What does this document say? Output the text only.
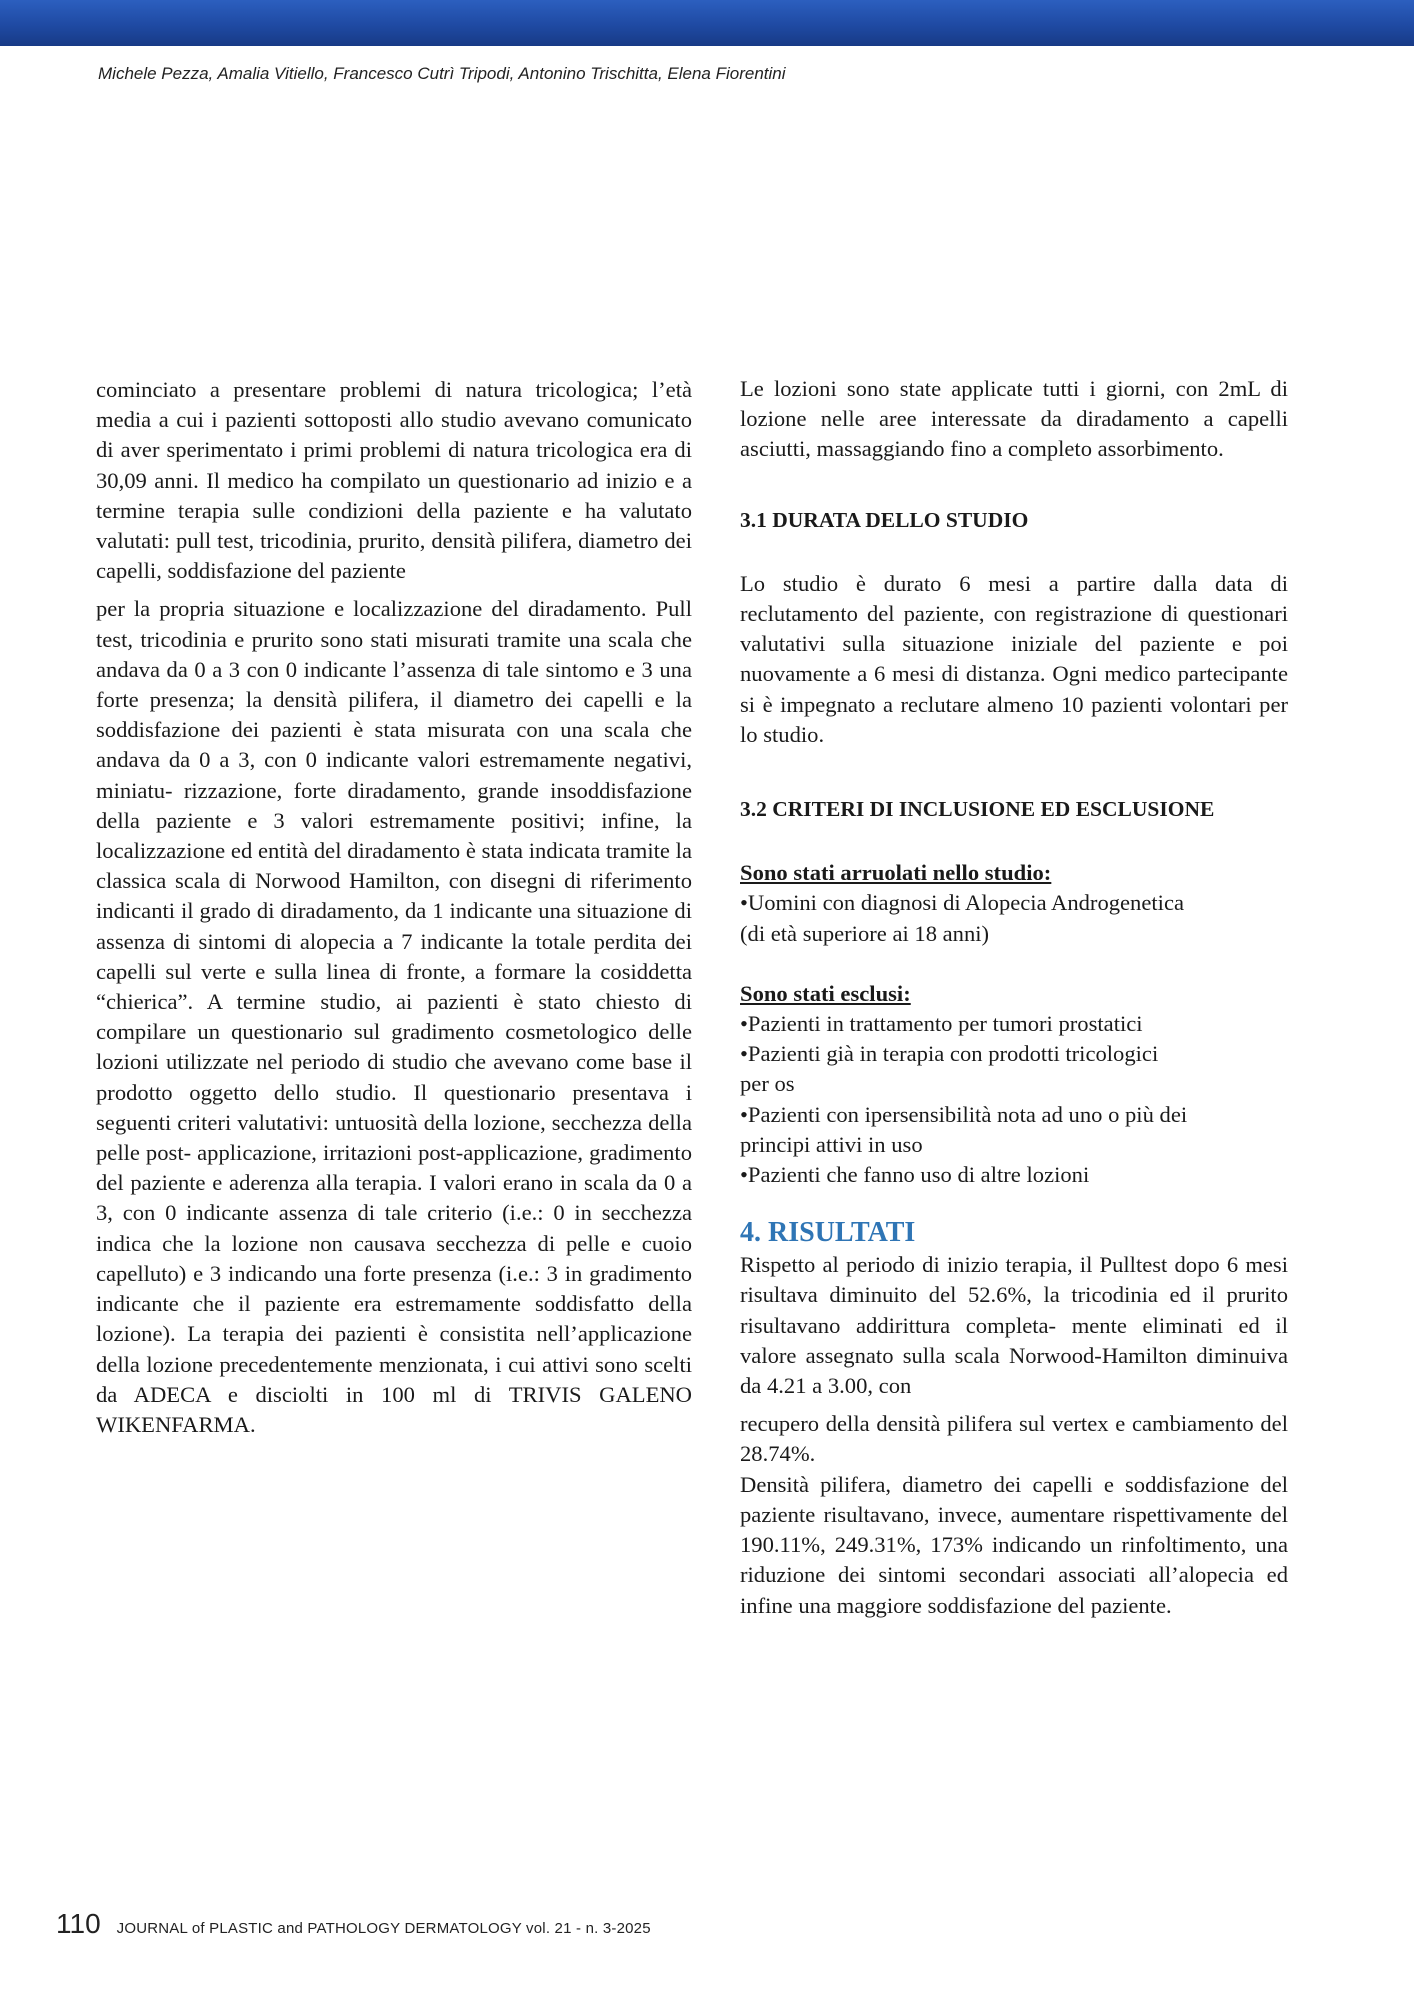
Michele Pezza, Amalia Vitiello, Francesco Cutrì Tripodi, Antonino Trischitta, Elena Fiorentini

cominciato a presentare problemi di natura tricologica; l’età media a cui i pazienti sottoposti allo studio avevano comunicato di aver sperimentato i primi problemi di natura tricologica era di 30,09 anni. Il medico ha compilato un questionario ad inizio e a termine terapia sulle condizioni della paziente e ha valutato valutati: pull test, tricodinia, prurito, densità pilifera, diametro dei capelli, soddisfazione del paziente

per la propria situazione e localizzazione del diradamento. Pull test, tricodinia e prurito sono stati misurati tramite una scala che andava da 0 a 3 con 0 indicante l’assenza di tale sintomo e 3 una forte presenza; la densità pilifera, il diametro dei capelli e la soddisfazione dei pazienti è stata misurata con una scala che andava da 0 a 3, con 0 indicante valori estremamente negativi, miniatu- rizzazione, forte diradamento, grande insoddisfazione della paziente e 3 valori estremamente positivi; infine, la localizzazione ed entità del diradamento è stata indicata tramite la classica scala di Norwood Hamilton, con disegni di riferimento indicanti il grado di diradamento, da 1 indicante una situazione di assenza di sintomi di alopecia a 7 indicante la totale perdita dei capelli sul verte e sulla linea di fronte, a formare la cosiddetta “chierica”. A termine studio, ai pazienti è stato chiesto di compilare un questionario sul gradimento cosmetologico delle lozioni utilizzate nel periodo di studio che avevano come base il prodotto oggetto dello studio. Il questionario presentava i seguenti criteri valutativi: untuosità della lozione, secchezza della pelle post- applicazione, irritazioni post-applicazione, gradimento del paziente e aderenza alla terapia. I valori erano in scala da 0 a 3, con 0 indicante assenza di tale criterio (i.e.: 0 in secchezza indica che la lozione non causava secchezza di pelle e cuoio capelluto) e 3 indicando una forte presenza (i.e.: 3 in gradimento indicante che il paziente era estremamente soddisfatto della lozione). La terapia dei pazienti è consistita nell’applicazione della lozione precedentemente menzionata, i cui attivi sono scelti da ADECA e disciolti in 100 ml di TRIVIS GALENO WIKENFARMA.

Le lozioni sono state applicate tutti i giorni, con 2mL di lozione nelle aree interessate da diradamento a capelli asciutti, massaggiando fino a completo assorbimento.

3.1 DURATA DELLO STUDIO

Lo studio è durato 6 mesi a partire dalla data di reclutamento del paziente, con registrazione di questionari valutativi sulla situazione iniziale del paziente e poi nuovamente a 6 mesi di distanza. Ogni medico partecipante si è impegnato a reclutare almeno 10 pazienti volontari per lo studio.

3.2 CRITERI DI INCLUSIONE ED ESCLUSIONE

Sono stati arruolati nello studio:

•Uomini con diagnosi di Alopecia Androgenetica

(di età superiore ai 18 anni)

Sono stati esclusi:

•Pazienti in trattamento per tumori prostatici

•Pazienti già in terapia con prodotti tricologici

per os

•Pazienti con ipersensibilità nota ad uno o più dei

principi attivi in uso

•Pazienti che fanno uso di altre lozioni

4. RISULTATI

Rispetto al periodo di inizio terapia, il Pulltest dopo 6 mesi risultava diminuito del 52.6%, la tricodinia ed il prurito risultavano addirittura completa- mente eliminati ed il valore assegnato sulla scala Norwood-Hamilton diminuiva da 4.21 a 3.00, con

recupero della densità pilifera sul vertex e cambiamento del 28.74%.

Densità pilifera, diametro dei capelli e soddisfazione del paziente risultavano, invece, aumentare rispettivamente del 190.11%, 249.31%, 173% indicando un rinfoltimento, una riduzione dei sintomi secondari associati all’alopecia ed infine una maggiore soddisfazione del paziente.

110 JOURNAL of PLASTIC and PATHOLOGY DERMATOLOGY vol. 21 - n. 3-2025
